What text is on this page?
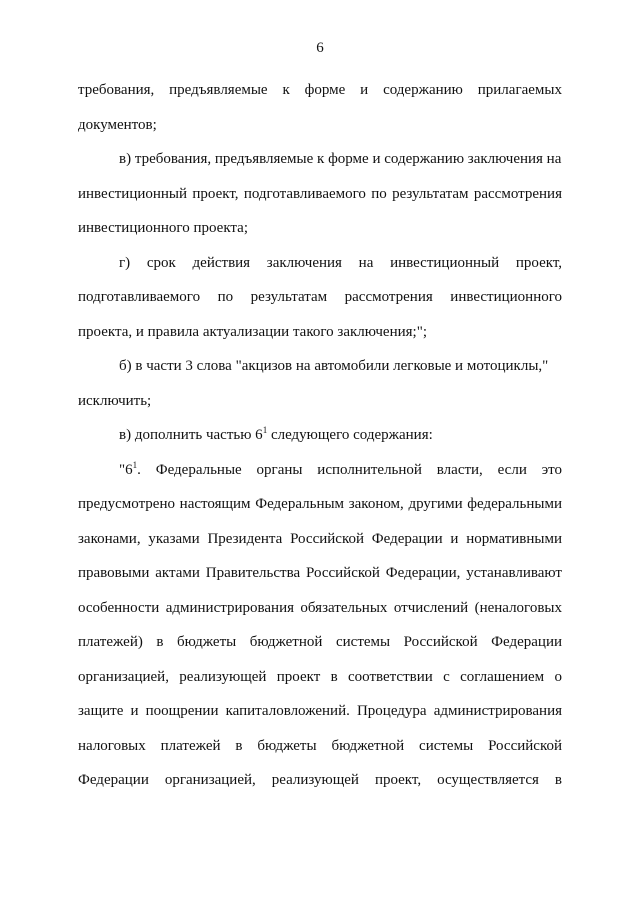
6
требования, предъявляемые к форме и содержанию прилагаемых
документов;
в) требования, предъявляемые к форме и содержанию заключения на
инвестиционный проект, подготавливаемого по результатам рассмотрения
инвестиционного проекта;
г) срок действия заключения на инвестиционный проект,
подготавливаемого по результатам рассмотрения инвестиционного
проекта, и правила актуализации такого заключения;";
б) в части 3 слова "акцизов на автомобили легковые и мотоциклы,"
исключить;
в) дополнить частью $6^1$ следующего содержания:
"$6^1$. Федеральные органы исполнительной власти, если это
предусмотрено настоящим Федеральным законом, другими федеральными
законами, указами Президента Российской Федерации и нормативными
правовыми актами Правительства Российской Федерации, устанавливают
особенности администрирования обязательных отчислений (неналоговых
платежей) в бюджеты бюджетной системы Российской Федерации
организацией, реализующей проект в соответствии с соглашением о
защите и поощрении капиталовложений. Процедура администрирования
налоговых платежей в бюджеты бюджетной системы Российской
Федерации организацией, реализующей проект, осуществляется в
